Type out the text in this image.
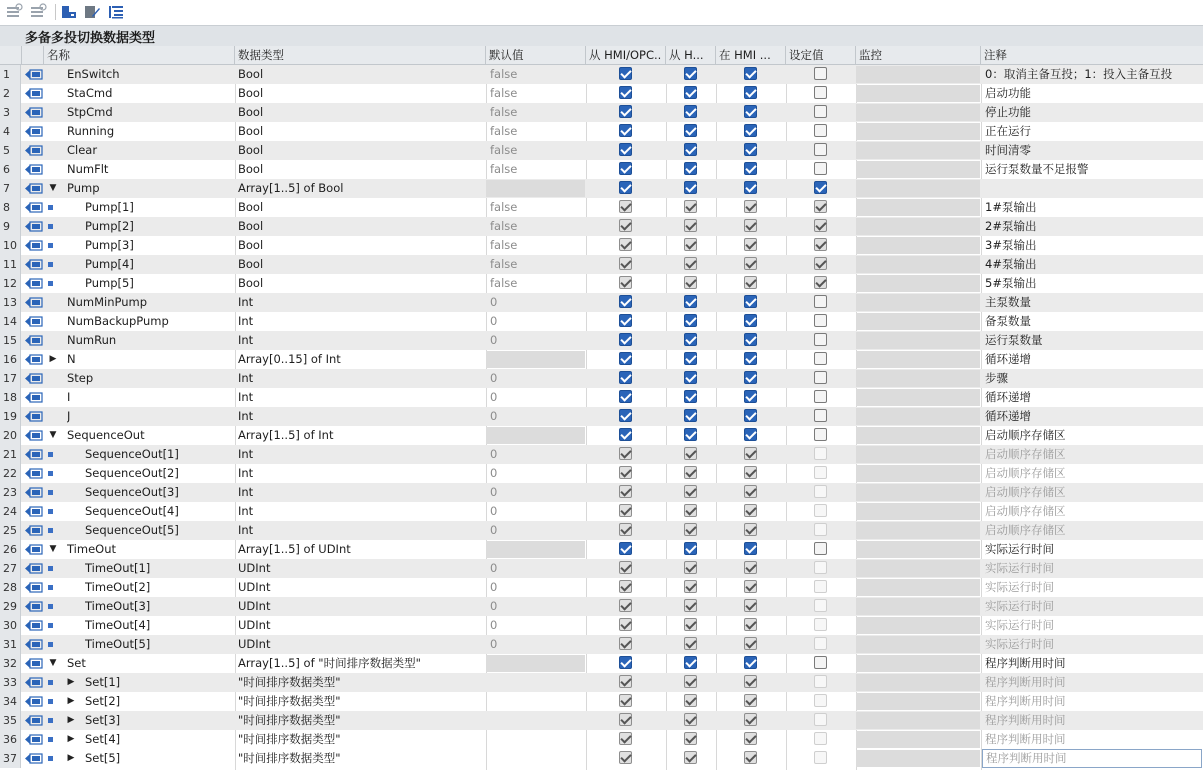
多备多投切换数据类型
名称	数据类型	默认值	从 HMI/OPC.. 从 H...	在 HMI ...	设定值	监控	注释
1	EnSwitch	Bool	false	0：取消主备互投；1：投入主备互投
2	StaCmd	Bool	false	启动功能
3	StpCmd	Bool	false	停止功能
4	Running	Bool	false	正在运行
5	Clear	Bool	false	时间清零
6	NumFlt	Bool	false	运行泵数量不足报警
7	▼ Pump	Array[1..5] of Bool
8	Pump[1]	Bool	false	1#泵输出
9	Pump[2]	Bool	false	2#泵输出
10	Pump[3]	Bool	false	3#泵输出
11	Pump[4]	Bool	false	4#泵输出
12	Pump[5]	Bool	false	5#泵输出
13	NumMinPump	Int	0	主泵数量
14	NumBackupPump	Int	0	备泵数量
15	NumRun	Int	0	运行泵数量
16	▶ N	Array[0..15] of Int	循环递增
17	Step	Int	0	步骤
18	I	Int	0	循环递增
19	J	Int	0	循环递增
20	▼ SequenceOut	Array[1..5] of Int	启动顺序存储区
21	SequenceOut[1]	Int	0	启动顺序存储区
22	SequenceOut[2]	Int	0	启动顺序存储区
23	SequenceOut[3]	Int	0	启动顺序存储区
24	SequenceOut[4]	Int	0	启动顺序存储区
25	SequenceOut[5]	Int	0	启动顺序存储区
26	▼ TimeOut	Array[1..5] of UDInt	实际运行时间
27	TimeOut[1]	UDInt	0	实际运行时间
28	TimeOut[2]	UDInt	0	实际运行时间
29	TimeOut[3]	UDInt	0	实际运行时间
30	TimeOut[4]	UDInt	0	实际运行时间
31	TimeOut[5]	UDInt	0	实际运行时间
32	▼ Set	Array[1..5] of "时间排序数据类型"	程序判断用时间
33	▶ Set[1]	"时间排序数据类型"	程序判断用时间
34	▶ Set[2]	"时间排序数据类型"	程序判断用时间
35	▶ Set[3]	"时间排序数据类型"	程序判断用时间
36	▶ Set[4]	"时间排序数据类型"	程序判断用时间
37	▶ Set[5]	"时间排序数据类型"	程序判断用时间
